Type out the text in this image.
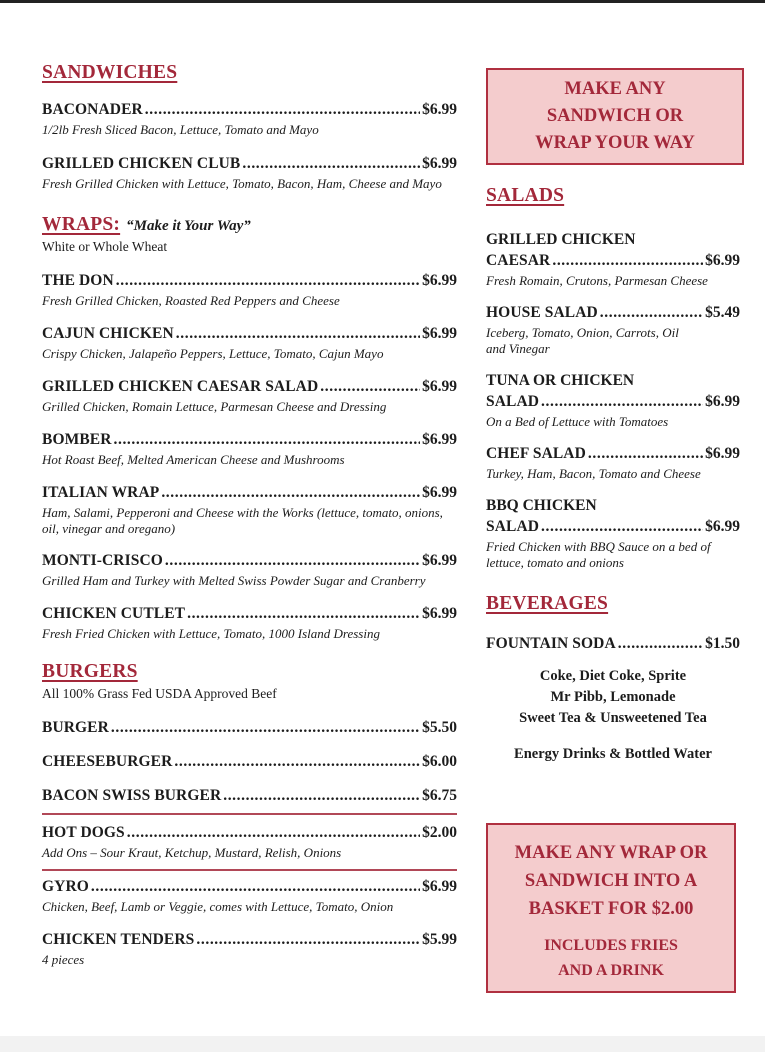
SANDWICHES
BACONADER .....	$6.99
1/2lb Fresh Sliced Bacon, Lettuce, Tomato and Mayo
GRILLED CHICKEN CLUB .....	$6.99
Fresh Grilled Chicken with Lettuce, Tomato, Bacon, Ham, Cheese and Mayo
WRAPS: “Make it Your Way”
White or Whole Wheat
THE DON .....	$6.99
Fresh Grilled Chicken, Roasted Red Peppers and Cheese
CAJUN CHICKEN .....	$6.99
Crispy Chicken, Jalapeño Peppers, Lettuce, Tomato, Cajun Mayo
GRILLED CHICKEN CAESAR SALAD .....	$6.99
Grilled Chicken, Romain Lettuce, Parmesan Cheese and Dressing
BOMBER .....	$6.99
Hot Roast Beef, Melted American Cheese and Mushrooms
ITALIAN WRAP .....	$6.99
Ham, Salami, Pepperoni and Cheese with the Works (lettuce, tomato, onions, oil, vinegar and oregano)
MONTI-CRISCO .....	$6.99
Grilled Ham and Turkey with Melted Swiss Powder Sugar and Cranberry
CHICKEN CUTLET .....	$6.99
Fresh Fried Chicken with Lettuce, Tomato, 1000 Island Dressing
BURGERS
All 100% Grass Fed USDA Approved Beef
BURGER .....	$5.50
CHEESEBURGER .....	$6.00
BACON SWISS BURGER .....	$6.75
HOT DOGS .....	$2.00
Add Ons – Sour Kraut, Ketchup, Mustard, Relish, Onions
GYRO .....	$6.99
Chicken, Beef, Lamb or Veggie, comes with Lettuce, Tomato, Onion
CHICKEN TENDERS .....	$5.99
4 pieces
MAKE ANY
SANDWICH OR
WRAP YOUR WAY
SALADS
GRILLED CHICKEN
CAESAR .....	$6.99
Fresh Romain, Crutons, Parmesan Cheese
HOUSE SALAD .....	$5.49
Iceberg, Tomato, Onion, Carrots, Oil and Vinegar
TUNA OR CHICKEN
SALAD .....	$6.99
On a Bed of Lettuce with Tomatoes
CHEF SALAD .....	$6.99
Turkey, Ham, Bacon, Tomato and Cheese
BBQ CHICKEN
SALAD .....	$6.99
Fried Chicken with BBQ Sauce on a bed of lettuce, tomato and onions
BEVERAGES
FOUNTAIN SODA .....	$1.50
Coke, Diet Coke, Sprite
Mr Pibb, Lemonade
Sweet Tea & Unsweetened Tea
Energy Drinks & Bottled Water
MAKE ANY WRAP OR
SANDWICH INTO A
BASKET FOR $2.00
INCLUDES FRIES
AND A DRINK
